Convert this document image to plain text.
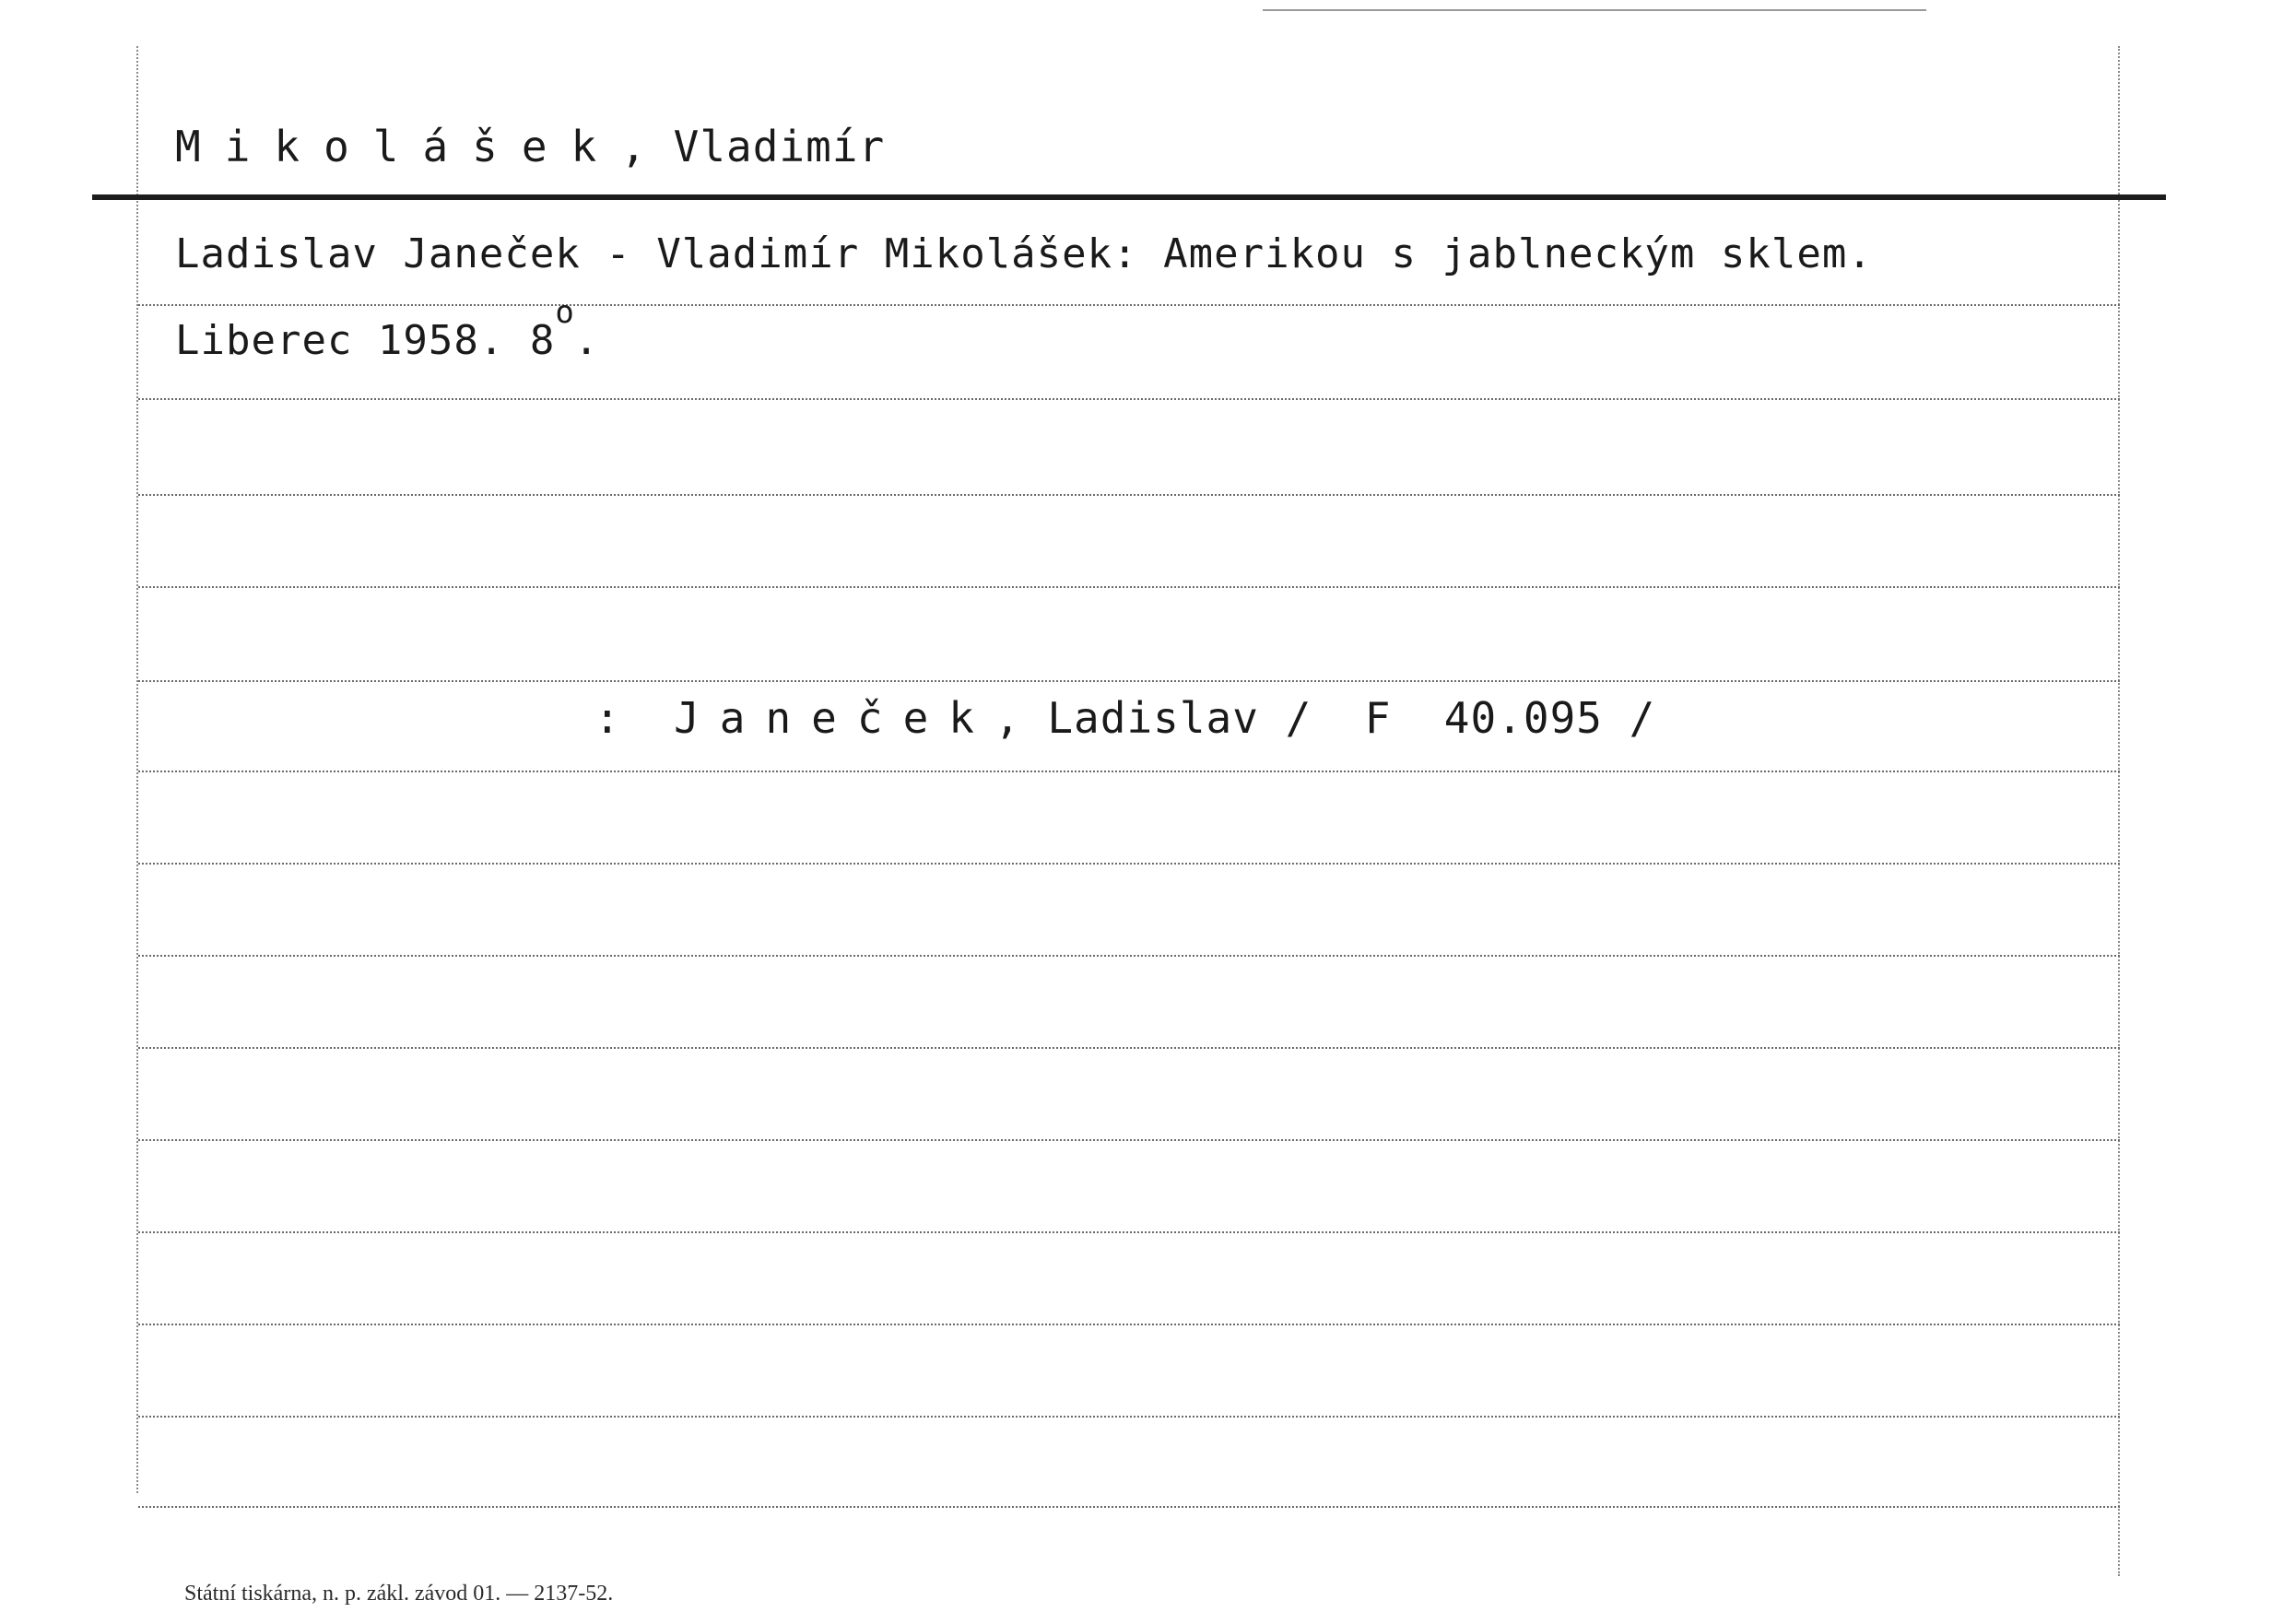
Mikolášek, Vladimír
Ladislav Janeček - Vladimír Mikolášek: Amerikou s jablneckým sklem.
Liberec 1958. 8$^o$.
: Janeček, Ladislav / F  40.095 /
Státní tiskárna, n. p. zákl. závod 01. — 2137-52.
